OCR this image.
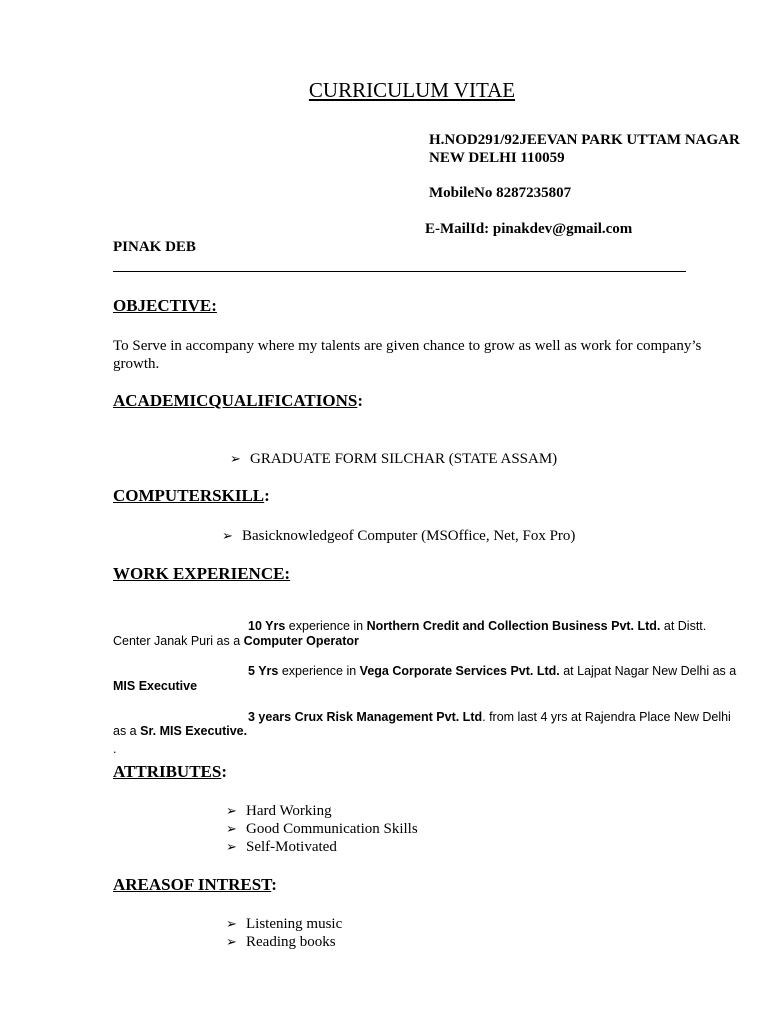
CURRICULUM VITAE
H.NOD291/92JEEVAN PARK UTTAM NAGAR
NEW DELHI 110059
MobileNo 8287235807
E-MailId: pinakdev@gmail.com
PINAK DEB
OBJECTIVE:
To Serve in accompany where my talents are given chance to grow as well as work for company’s
growth.
ACADEMICQUALIFICATIONS:
➢ GRADUATE FORM SILCHAR (STATE ASSAM)
COMPUTERSKILL:
➢ Basicknowledgeof Computer (MSOffice, Net, Fox Pro)
WORK EXPERIENCE:
10 Yrs experience in Northern Credit and Collection Business Pvt. Ltd. at Distt.
Center Janak Puri as a Computer Operator
5 Yrs experience in Vega Corporate Services Pvt. Ltd. at Lajpat Nagar New Delhi as a
MIS Executive
3 years Crux Risk Management Pvt. Ltd. from last 4 yrs at Rajendra Place New Delhi
as a Sr. MIS Executive.
.
ATTRIBUTES:
➢ Hard Working
➢ Good Communication Skills
➢ Self-Motivated
AREASOF INTREST:
➢ Listening music
➢ Reading books
